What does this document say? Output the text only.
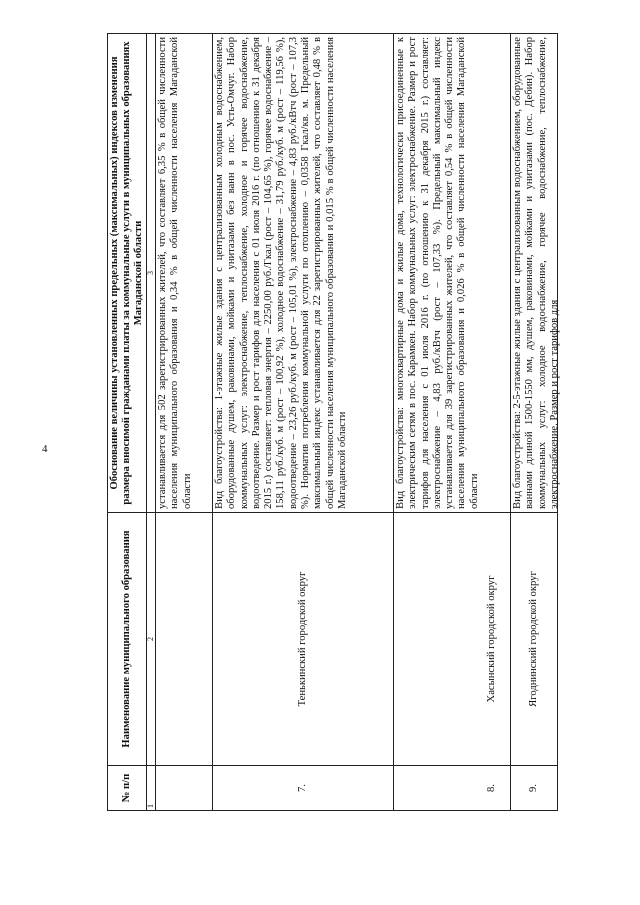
4
№ п/п	Наименование муниципального образования	Обоснование величины установленных предельных (максимальных) индексов изменения размера вносимой гражданами платы за коммунальные услуги в муниципальных образованиях Магаданской области
1	2	3
		устанавливается для 502 зарегистрированных жителей, что составляет 6,35 % в общей численности населения муниципального образования и 0,34 % в общей численности населения Магаданской области
7.	Тенькинский городской округ	Вид благоустройства: 1-этажные жилые здания с централизованным холодным водоснабжением, оборудованные душем, раковинами, мойками и унитазами без ванн в пос. Усть-Омчуг. Набор коммунальных услуг: электроснабжение, теплоснабжение, холодное и горячее водоснабжение, водоотведение. Размер и рост тарифов для населения с 01 июля 2016 г. (по отношению к 31 декабря 2015 г.) составляет: тепловая энергия – 2250,00 руб./Гкал (рост – 104,65 %), горячее водоснабжение – 158,11 руб./куб. м (рост – 100,92 %), холодное водоснабжение – 31,79 руб./куб. м (рост – 119,56 %), водоотведение – 23,26 руб./куб. м (рост – 105,01 %), электроснабжение – 4,83 руб./кВтч (рост – 107,3 %). Норматив потребления коммунальной услуги по отоплению – 0,0358 Гкал/кв. м. Предельный максимальный индекс устанавливается для 22 зарегистрированных жителей, что составляет 0,48 % в общей численности населения муниципального образования и 0,015 % в общей численности населения Магаданской области
8.	Хасынский городской округ	Вид благоустройства: многоквартирные дома и жилые дома, технологически присоединенные к электрическим сетям в пос. Карамкен. Набор коммунальных услуг: электроснабжение. Размер и рост тарифов для населения с 01 июля 2016 г. (по отношению к 31 декабря 2015 г.) составляет: электроснабжение – 4,83 руб./кВтч (рост – 107,33 %). Предельный максимальный индекс устанавливается для 39 зарегистрированных жителей, что составляет 0,54 % в общей численности населения муниципального образования и 0,026 % в общей численности населения Магаданской области
9.	Ягоднинский городской округ	Вид благоустройства: 2-5-этажные жилые здания с централизованным водоснабжением, оборудованные ваннами длиной 1500-1550 мм, душем, раковинами, мойками и унитазами (пос. Дебин). Набор коммунальных услуг: холодное водоснабжение, горячее водоснабжение, теплоснабжение, электроснабжение. Размер и рост тарифов для
